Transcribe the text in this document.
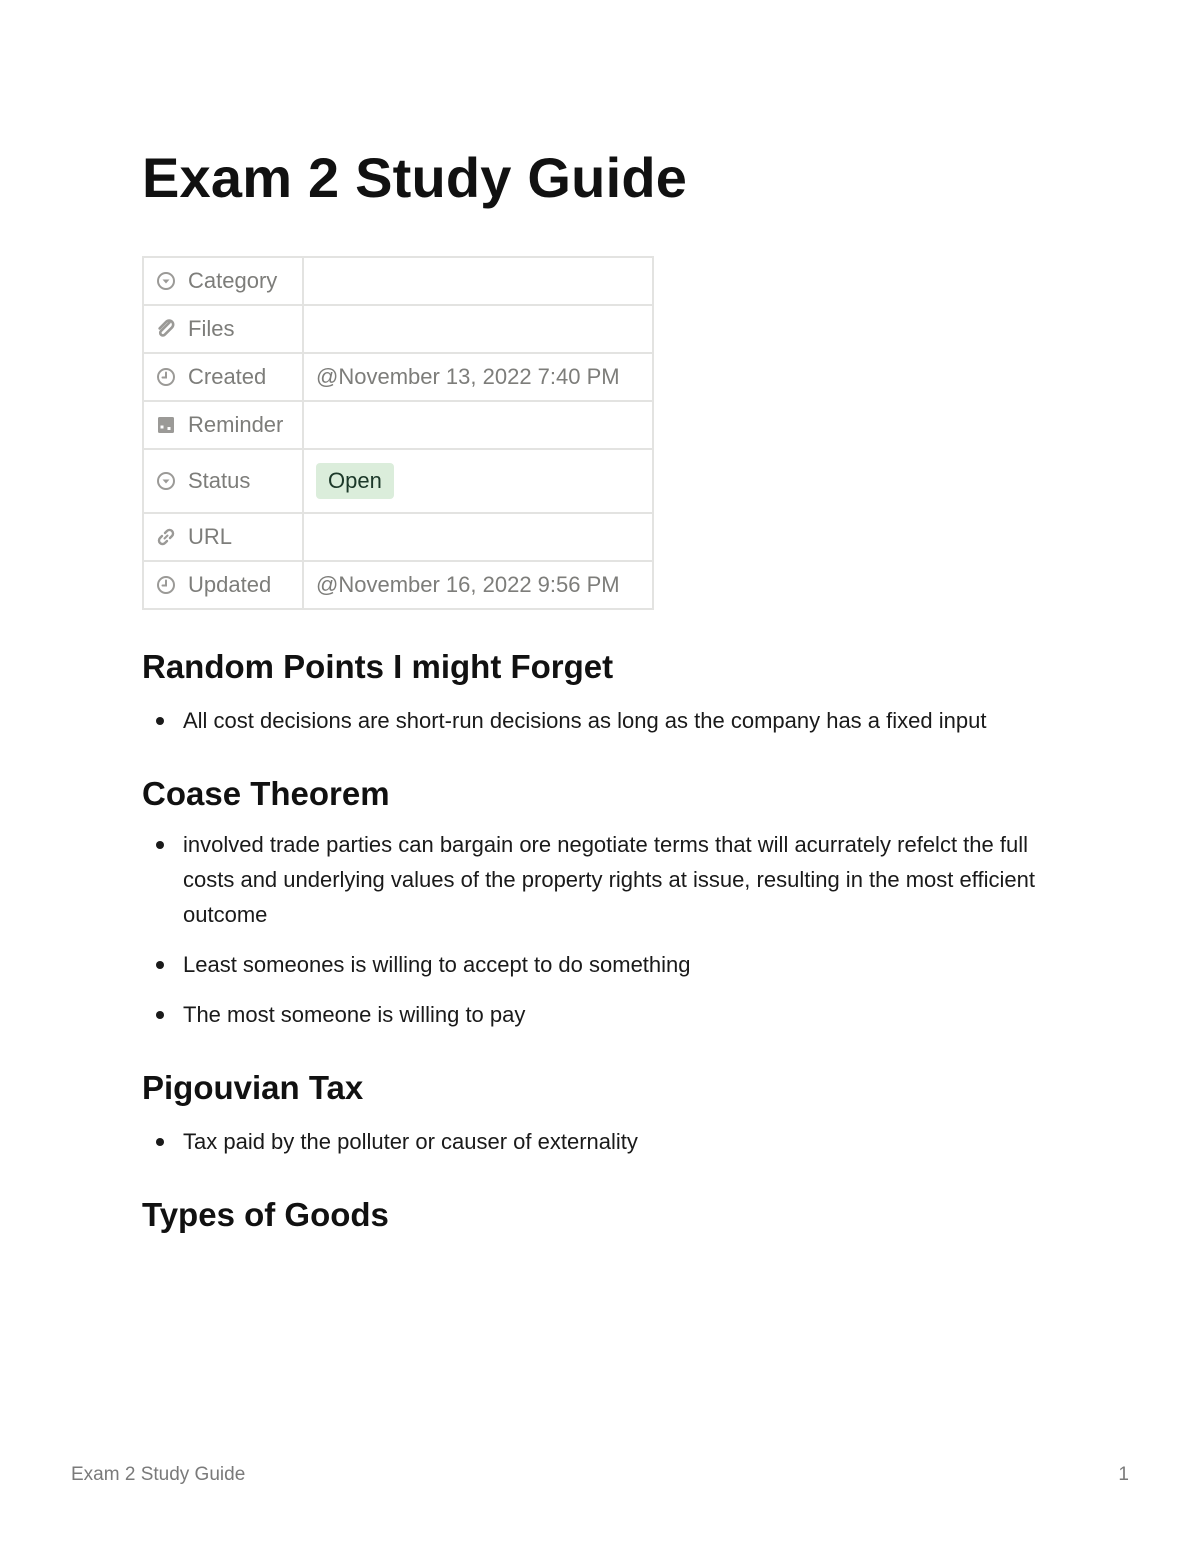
Exam 2 Study Guide
Category	

Files	

Created	@November 13, 2022 7:40 PM

Reminder	

Status	Open

URL	

Updated	@November 16, 2022 9:56 PM
Random Points I might Forget
All cost decisions are short-run decisions as long as the company has a fixed input
Coase Theorem
involved trade parties can bargain ore negotiate terms that will acurrately refelct the full costs and underlying values of the property rights at issue, resulting in the most efficient outcome
Least someones is willing to accept to do something
The most someone is willing to pay
Pigouvian Tax
Tax paid by the polluter or causer of externality
Types of Goods
Exam 2 Study Guide	1
